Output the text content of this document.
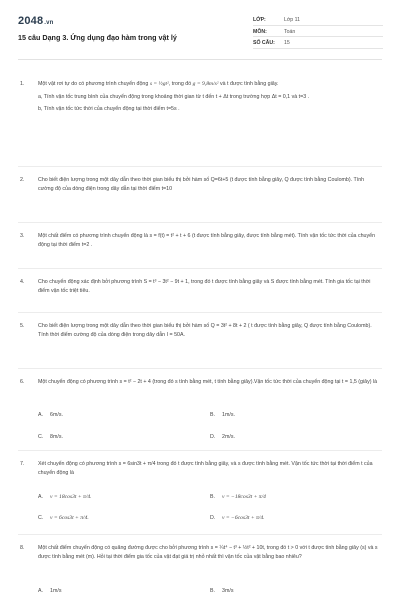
2048.vn
15 câu Dạng 3. Ứng dụng đạo hàm trong vật lý
LỚP:	Lớp 11
MÔN:	Toán
SỐ CÂU:	15
1.	Một vật rơi tự do có phương trình chuyển động s = ½gt², trong đó g = 9,8m/s² và t được tính bằng giây.
a, Tính vận tốc trung bình của chuyển động trong khoảng thời gian từ t đến t + Δt trong trường hợp Δt = 0,1 và t=3 .
b, Tính vận tốc tức thời của chuyển động tại thời điểm t=5s .
2.	Cho biết điện lượng trong một dây dẫn theo thời gian biểu thị bởi hàm số Q=6t+5 (t được tính bằng giây, Q được tính bằng Coulomb). Tính cường độ của dòng điện trong dây dẫn tại thời điểm t=10
3.	Một chất điểm có phương trình chuyển động là s = f(t) = t² + t + 6 (t được tính bằng giây, được tính bằng mét). Tính vận tốc tức thời của chuyển động tại thời điểm t=2 .
4.	Cho chuyển động xác định bởi phương trình S = t³ − 3t² − 9t + 1, trong đó t được tính bằng giây và S được tính bằng mét. Tính gia tốc tại thời điểm vận tốc triệt tiêu.
5.	Cho biết điện lượng trong một dây dẫn theo thời gian biểu thị bởi hàm số Q = 3t² + 8t + 2 ( t được tính bằng giây, Q được tính bằng Coulomb). Tính thời điểm cường độ của dòng điện trong dây dẫn I = 50A.
6.	Một chuyển động có phương trình s = t² − 2t + 4 (trong đó s tính bằng mét, t tính bằng giây).Vận tốc tức thời của chuyển động tại t = 1,5 (giây) là
A. 6m/s.	B. 1m/s.
C. 8m/s.	D. 2m/s.
7.	Xét chuyển động có phương trình s = 6sin3t + π/4 trong đó t được tính bằng giây, và s được tính bằng mét. Vận tốc tức thời tại thời điểm t của chuyển động là
A. v = 18cos3t + π/4.	B. v = −18cos3t + π/4
C. v = 6cos3t + π/4.	D. v = −6cos3t + π/4.
8.	Một chất điểm chuyển động có quãng đường được cho bởi phương trình s = ¼t⁴ − t³ + ½t² + 10t, trong đó t > 0 với t được tính bằng giây (s) và s được tính bằng mét (m). Hỏi tại thời điểm gia tốc của vật đạt giá trị nhỏ nhất thì vận tốc của vật bằng bao nhiêu?
A. 1m/s	B. 3m/s
